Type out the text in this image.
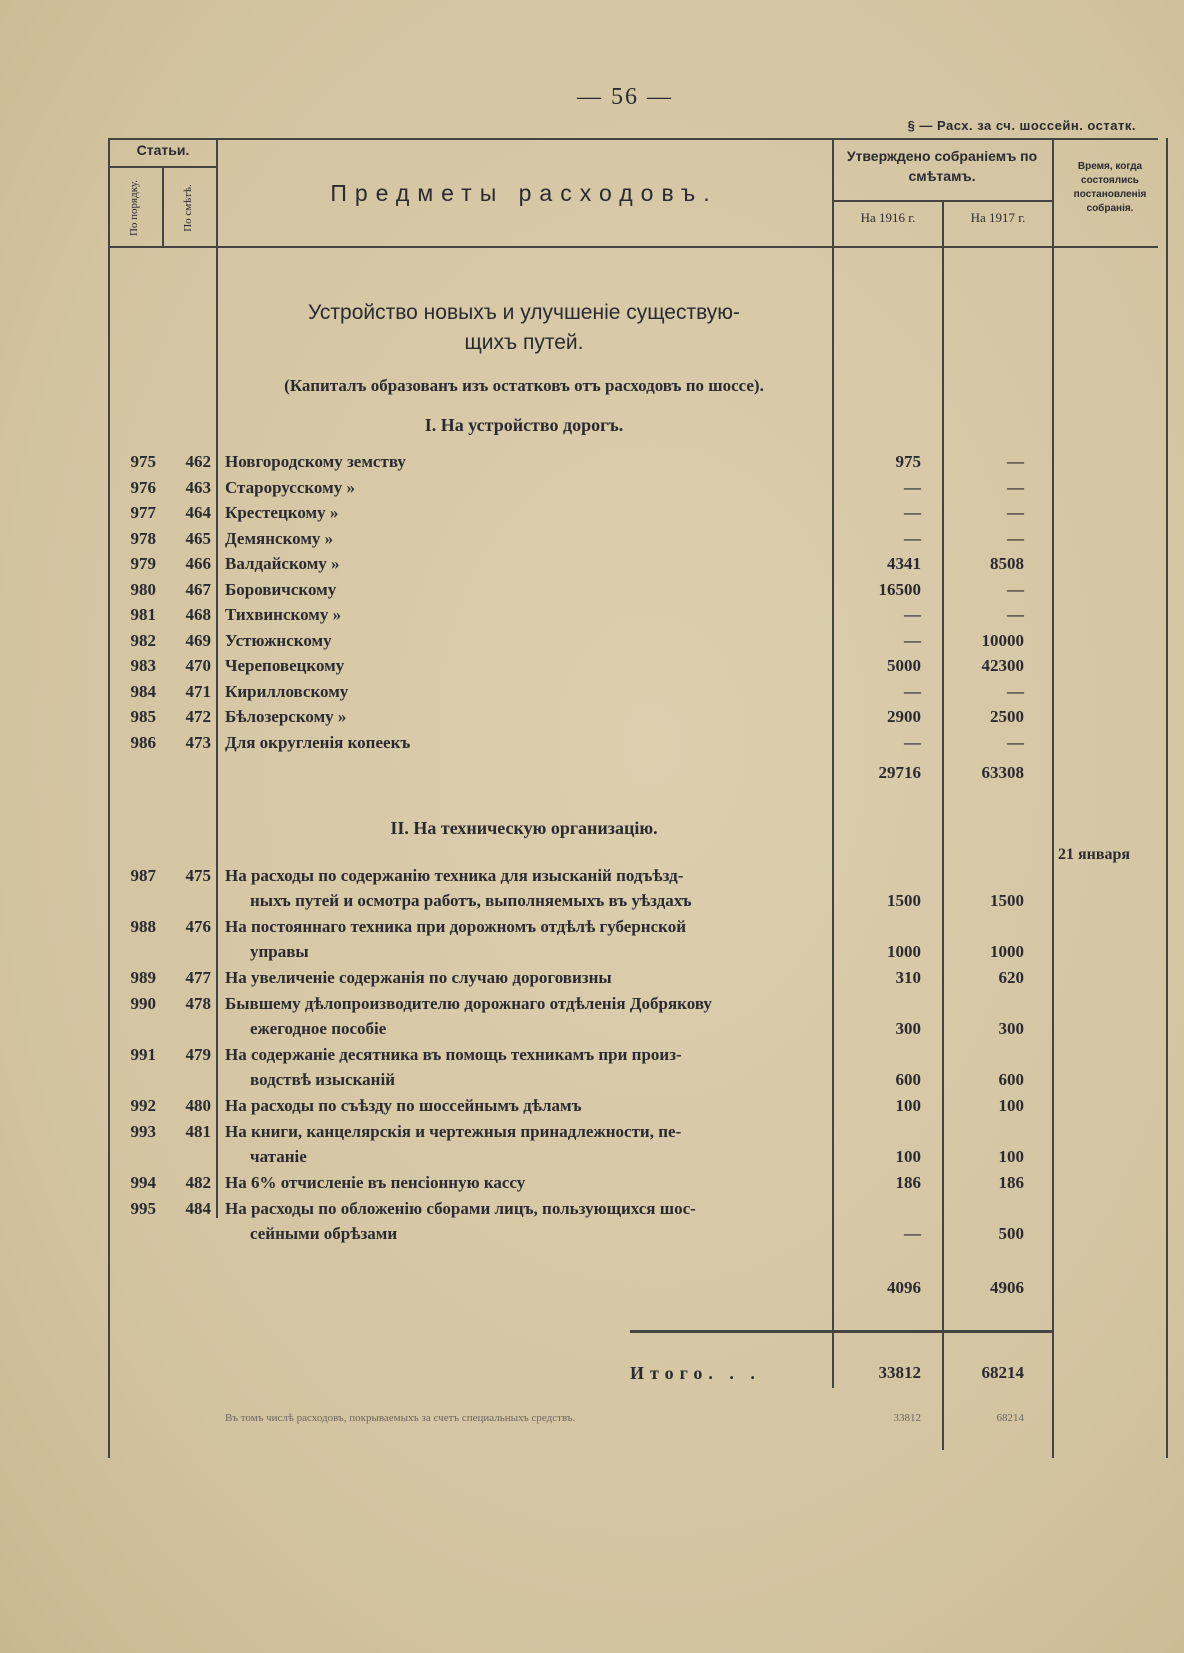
— 56 —
§ — Расх. за сч. шоссейн. остатк.
Статьи.
По порядку.	По смѣтѣ.	Предметы расходовъ.
Утверждено собраніемъ по смѣтамъ.
На 1916 г.	На 1917 г.
Время, когда состоялись постановленія собранія.
Устройство новыхъ и улучшеніе существую-
щихъ путей.
(Капиталъ образованъ изъ остатковъ отъ расходовъ по шоссе).
I. На устройство дорогъ.
975	462 Новгородскому земству	975	—
976	463 Старорусскому »	—	—
977	464 Крестецкому »	—	—
978	465 Демянскому »	—	—
979	466 Валдайскому »	4341	8508
980	467 Боровичскому	16500	—
981	468 Тихвинскому »	—	—
982	469 Устюжнскому	—	10000
983	470 Череповецкому	5000	42300
984	471 Кирилловскому	—	—
985	472 Бѣлозерскому »	2900	2500
986	473 Для округленія копеекъ	—	—
29716	63308
II. На техническую организацію.
21 января
987	475 На расходы по содержанію техника для изысканій подъѣзд-
ныхъ путей и осмотра работъ, выполняемыхъ въ уѣздахъ	1500	1500
988	476 На постояннаго техника при дорожномъ отдѣлѣ губернской
управы	1000	1000
989	477 На увеличеніе содержанія по случаю дороговизны	310	620
990	478 Бывшему дѣлопроизводителю дорожнаго отдѣленія Добрякову
ежегодное пособіе	300	300
991	479 На содержаніе десятника въ помощь техникамъ при произ-
водствѣ изысканій	600	600
992	480 На расходы по съѣзду по шоссейнымъ дѣламъ	100	100
993	481 На книги, канцелярскія и чертежныя принадлежности, пе-
чатаніе	100	100
994	482 На 6% отчисленіе въ пенсіонную кассу	186	186
995	484 На расходы по обложенію сборами лицъ, пользующихся шос-
сейными обрѣзами	—	500
4096	4906
Итого. . .	33812	68214
Въ томъ числѣ расходовъ, покрываемыхъ за счетъ специальныхъ средствъ.	33812	68214
